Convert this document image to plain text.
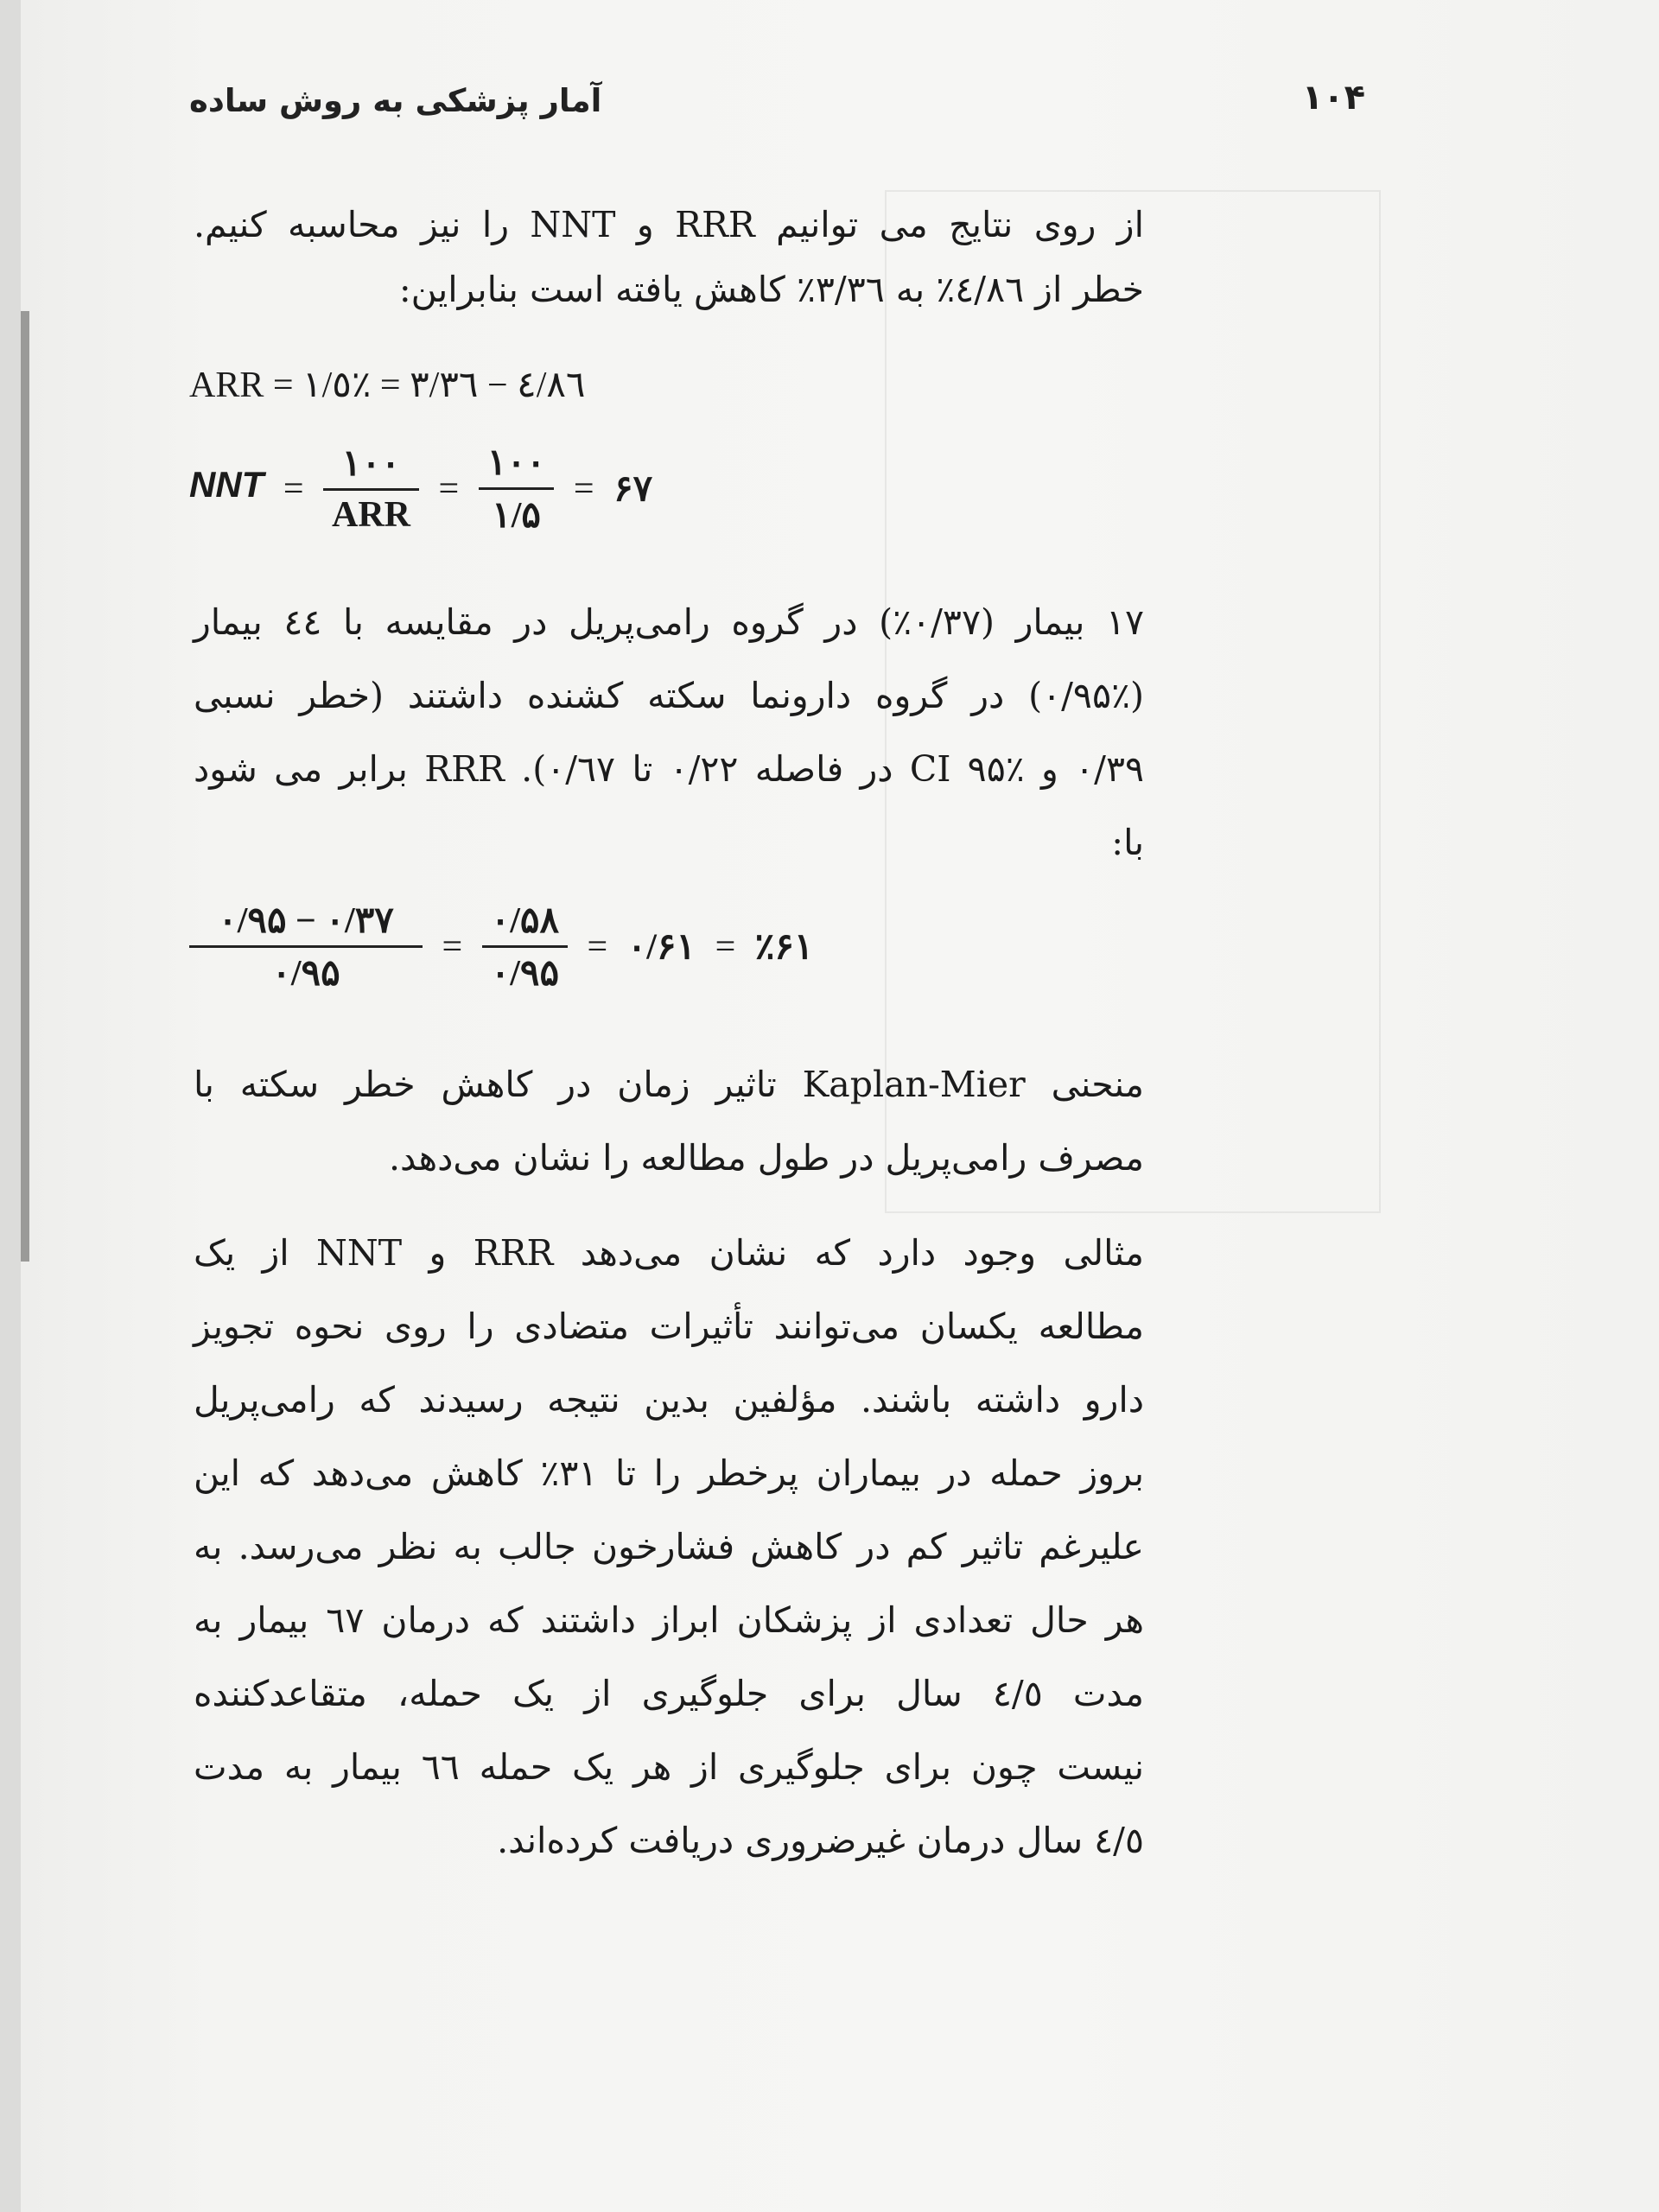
۱۰۴
آمار پزشکی به روش ساده
از روی نتایج می توانیم RRR و NNT را نیز محاسبه کنیم.
خطر از ٤/٨٦٪ به ٣/٣٦٪ کاهش یافته است بنابراین:
ARR = ٤/٨٦ − ٣/٣٦ = ٪١/٥
NNT = $\frac{۱۰۰}{\text{ARR}} = \frac{۱۰۰}{۱/۵}$ = ۶۷
۱۷ بیمار (۰/۳۷٪) در گروه رامی‌پریل در مقایسه با ٤٤ بیمار
(۰/۹۵٪) در گروه دارونما سکته کشنده داشتند (خطر نسبی
۰/۳۹ و CI ۹۵٪ در فاصله ۰/۲۲ تا ۰/٦٧). RRR برابر می شود
با:
$\frac{۰/۹۵ - ۰/۳۷}{۰/۹۵} = \frac{۰/۵۸}{۰/۹۵}$ = ۰/۶۱ = ٪۶۱
منحنی Kaplan-Mier تاثیر زمان در کاهش خطر سکته با
مصرف رامی‌پریل در طول مطالعه را نشان می‌دهد.
مثالی وجود دارد که نشان می‌دهد RRR و NNT از یک
مطالعه یکسان می‌توانند تأثیرات متضادی را روی نحوه تجویز
دارو داشته باشند. مؤلفین بدین نتیجه رسیدند که رامی‌پریل
بروز حمله در بیماران پرخطر را تا ۳۱٪ کاهش می‌دهد که این
علیرغم تاثیر کم در کاهش فشارخون جالب به نظر می‌رسد. به
هر حال تعدادی از پزشکان ابراز داشتند که درمان ٦٧ بیمار به
مدت ٤/٥ سال برای جلوگیری از یک حمله، متقاعدکننده
نیست چون برای جلوگیری از هر یک حمله ٦٦ بیمار به مدت
٤/٥ سال درمان غیرضروری دریافت کرده‌اند.
